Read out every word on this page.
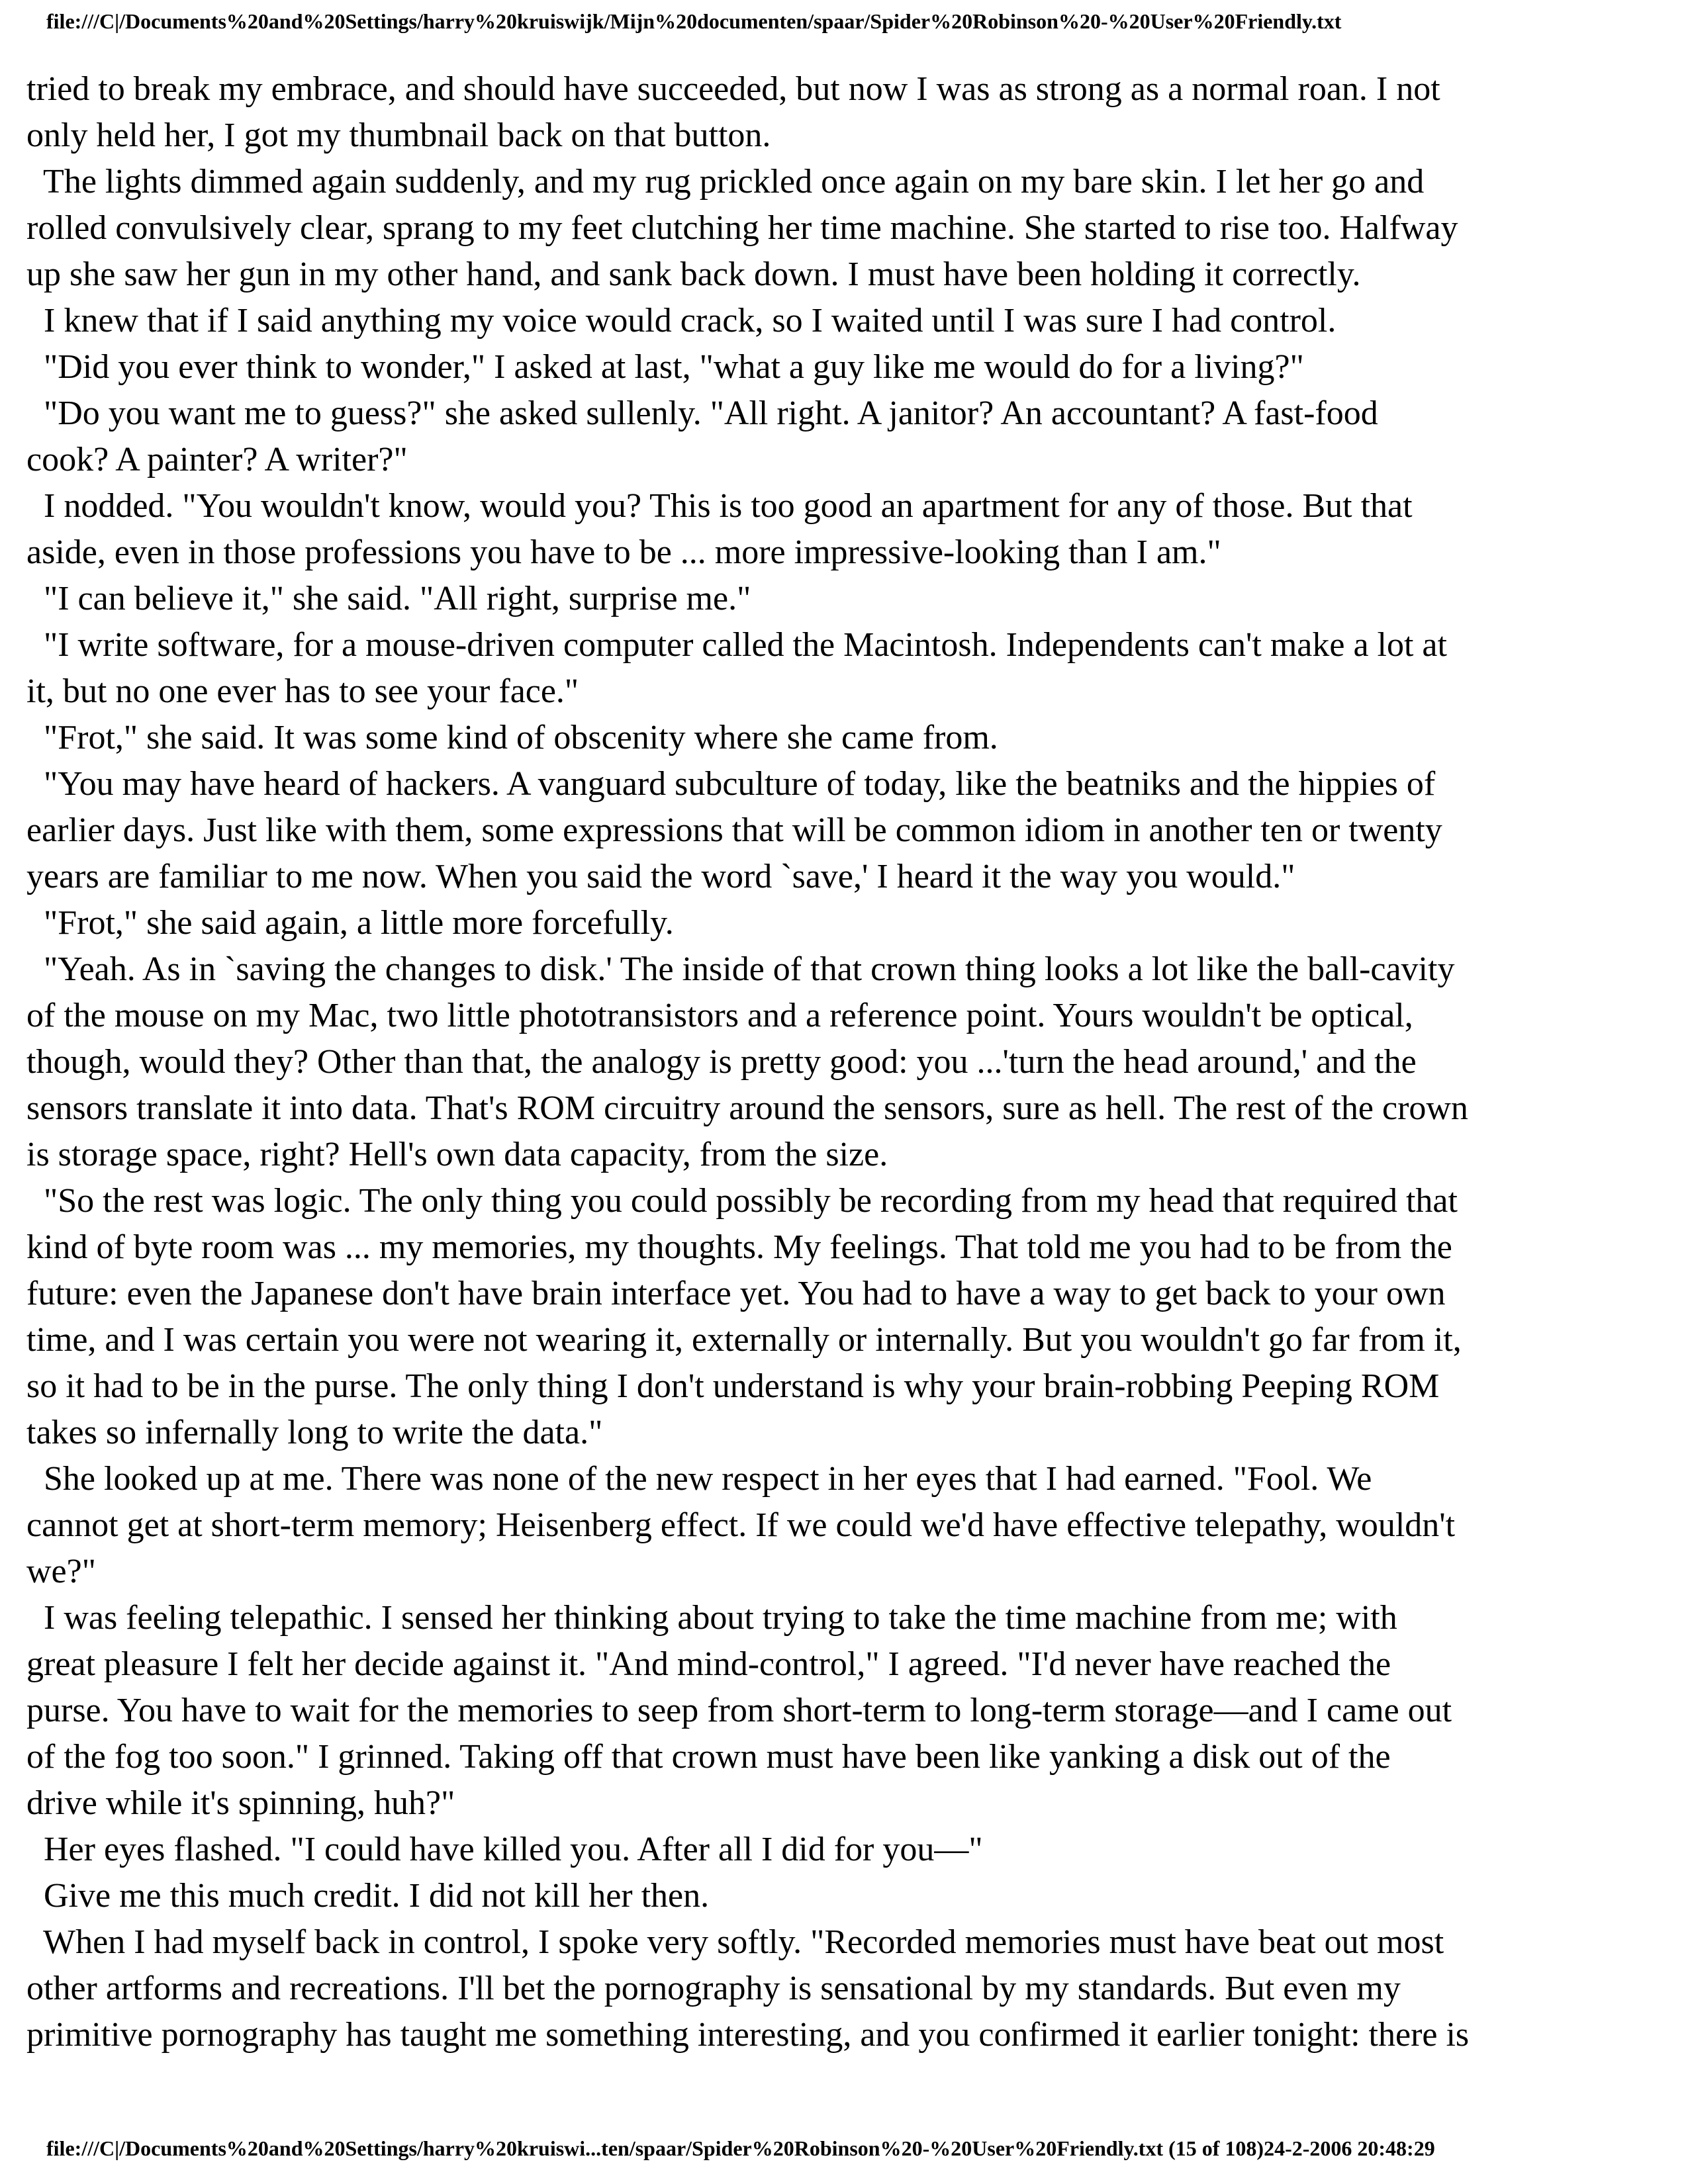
file:///C|/Documents%20and%20Settings/harry%20kruiswijk/Mijn%20documenten/spaar/Spider%20Robinson%20-%20User%20Friendly.txt

tried to break my embrace, and should have succeeded, but now I was as strong as a normal roan. I not

only held her, I got my thumbnail back on that button.

The lights dimmed again suddenly, and my rug prickled once again on my bare skin. I let her go and

rolled convulsively clear, sprang to my feet clutching her time machine. She started to rise too. Halfway

up she saw her gun in my other hand, and sank back down. I must have been holding it correctly.

I knew that if I said anything my voice would crack, so I waited until I was sure I had control.

"Did you ever think to wonder," I asked at last, "what a guy like me would do for a living?"

"Do you want me to guess?" she asked sullenly. "All right. A janitor? An accountant? A fast-food

cook? A painter? A writer?"

I nodded. "You wouldn't know, would you? This is too good an apartment for any of those. But that

aside, even in those professions you have to be ... more impressive-looking than I am."

"I can believe it," she said. "All right, surprise me."

"I write software, for a mouse-driven computer called the Macintosh. Independents can't make a lot at

it, but no one ever has to see your face."

"Frot," she said. It was some kind of obscenity where she came from.

"You may have heard of hackers. A vanguard subculture of today, like the beatniks and the hippies of

earlier days. Just like with them, some expressions that will be common idiom in another ten or twenty

years are familiar to me now. When you said the word `save,' I heard it the way you would."

"Frot," she said again, a little more forcefully.

"Yeah. As in `saving the changes to disk.' The inside of that crown thing looks a lot like the ball-cavity

of the mouse on my Mac, two little phototransistors and a reference point. Yours wouldn't be optical,

though, would they? Other than that, the analogy is pretty good: you ...'turn the head around,' and the

sensors translate it into data. That's ROM circuitry around the sensors, sure as hell. The rest of the crown

is storage space, right? Hell's own data capacity, from the size.

"So the rest was logic. The only thing you could possibly be recording from my head that required that

kind of byte room was ... my memories, my thoughts. My feelings. That told me you had to be from the

future: even the Japanese don't have brain interface yet. You had to have a way to get back to your own

time, and I was certain you were not wearing it, externally or internally. But you wouldn't go far from it,

so it had to be in the purse. The only thing I don't understand is why your brain-robbing Peeping ROM

takes so infernally long to write the data."

She looked up at me. There was none of the new respect in her eyes that I had earned. "Fool. We

cannot get at short-term memory; Heisenberg effect. If we could we'd have effective telepathy, wouldn't

we?"

I was feeling telepathic. I sensed her thinking about trying to take the time machine from me; with

great pleasure I felt her decide against it. "And mind-control," I agreed. "I'd never have reached the

purse. You have to wait for the memories to seep from short-term to long-term storage—and I came out

of the fog too soon." I grinned. Taking off that crown must have been like yanking a disk out of the

drive while it's spinning, huh?"

Her eyes flashed. "I could have killed you. After all I did for you—"

Give me this much credit. I did not kill her then.

When I had myself back in control, I spoke very softly. "Recorded memories must have beat out most

other artforms and recreations. I'll bet the pornography is sensational by my standards. But even my

primitive pornography has taught me something interesting, and you confirmed it earlier tonight: there is

file:///C|/Documents%20and%20Settings/harry%20kruiswi...ten/spaar/Spider%20Robinson%20-%20User%20Friendly.txt (15 of 108)24-2-2006 20:48:29
